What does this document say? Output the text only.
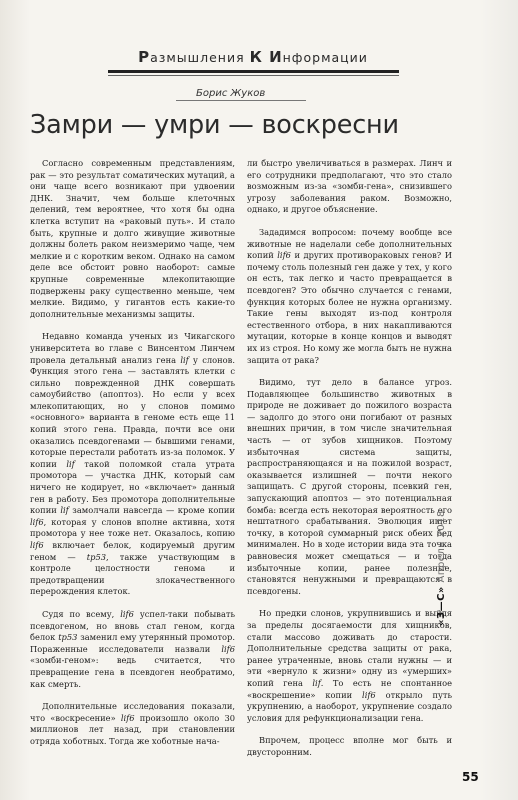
Размышления К Информации
Борис Жуков
Замри — умри — воскресни

Согласно современным представлениям, рак — это результат соматических мутаций, а они чаще всего возникают при удвоении ДНК. Значит, чем больше клеточных делений, тем вероятнее, что хотя бы одна клетка вступит на «раковый путь». И стало быть, крупные и долго живущие животные должны болеть раком неизмеримо чаще, чем мелкие и с коротким веком. Однако на самом деле все обстоит ровно наоборот: самые крупные современные млекопитающие подвержены раку существенно меньше, чем мелкие. Видимо, у гигантов есть какие-то дополнительные механизмы защиты.

Недавно команда ученых из Чикагского университета во главе с Винсентом Линчем провела детальный анализ гена lif у слонов. Функция этого гена — заставлять клетки с сильно поврежденной ДНК совершать самоубийство (апоптоз). Но если у всех млекопитающих, но у слонов помимо «основного» варианта в геноме есть еще 11 копий этого гена. Правда, почти все они оказались псевдогенами — бывшими генами, которые перестали работать из-за поломок. У копии lif такой поломкой стала утрата промотора — участка ДНК, который сам ничего не кодирует, но «включает» данный ген в работу. Без промотора дополнительные копии lif замолчали навсегда — кроме копии lif6, которая у слонов вполне активна, хотя промотора у нее тоже нет. Оказалось, копию lif6 включает белок, кодируемый другим геном — tp53, также участвующим в контроле целостности генома и предотвращении злокачественного перерождения клеток.

Судя по всему, lif6 успел-таки побывать псевдогеном, но вновь стал геном, когда белок tp53 заменил ему утерянный промотор. Пораженные исследователи назвали lif6 «зомби-геном»: ведь считается, что превращение гена в псевдоген необратимо, как смерть.

Дополнительные исследования показали, что «воскресение» lif6 произошло около 30 миллионов лет назад, при становлении отряда хоботных. Тогда же хоботные нача-

ли быстро увеличиваться в размерах. Линч и его сотрудники предполагают, что это стало возможным из-за «зомби-гена», снизившего угрозу заболевания раком. Возможно, однако, и другое объяснение.

Зададимся вопросом: почему вообще все животные не наделали себе дополнительных копий lif6 и других противораковых генов? И почему столь полезный ген даже у тех, у кого он есть, так легко и часто превращается в псевдоген? Это обычно случается с генами, функция которых более не нужна организму. Такие гены выходят из-под контроля естественного отбора, в них накапливаются мутации, которые в конце концов и выводят их из строя. Но кому же могла быть не нужна защита от рака?

Видимо, тут дело в балансе угроз. Подавляющее большинство животных в природе не доживает до пожилого возраста — задолго до этого они погибают от разных внешних причин, в том числе значительная часть — от зубов хищников. Поэтому избыточная система защиты, распространяющаяся и на пожилой возраст, оказывается излишней — почти некого защищать. С другой стороны, псевкий ген, запускающий апоптоз — это потенциальная бомба: всегда есть некоторая вероятность его нештатного срабатывания. Эволюция ищет точку, в которой суммарный риск обеих бед минимален. Но в ходе истории вида эта точка равновесия может смещаться — и тогда избыточные копии, ранее полезные, становятся ненужными и превращаются в псевдогены.

Но предки слонов, укрупнившись и выйдя за пределы досягаемости для хищников, стали массово доживать до старости. Дополнительные средства защиты от рака, ранее утраченные, вновь стали нужны — и эти «вернуло к жизни» одну из «умерших» копий гена lif. То есть не спонтанное «воскрешение» копии lif6 открыло путь укрупнению, а наоборот, укрупнение создало условия для рефункционализации гена.

Впрочем, процесс вполне мог быть и двусторонним.

«З—С» Апрель 2018
55
